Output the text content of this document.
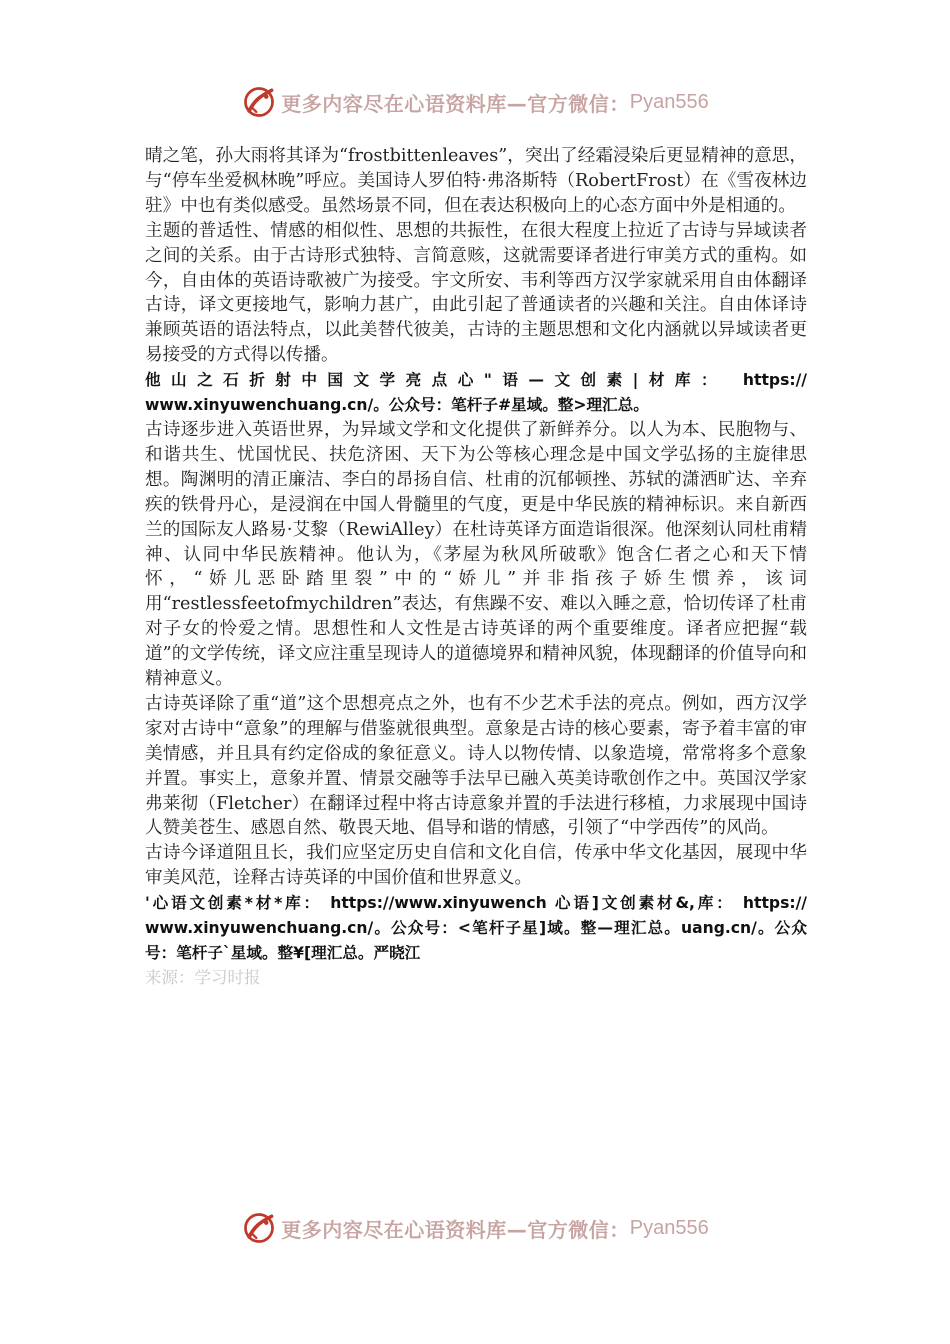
更多内容尽在心语资料库—官方微信： Pyan556

晴之笔，孙大雨将其译为“frostbittenleaves”，突出了经霜浸染后更显精神的意思，与“停车坐爱枫林晚”呼应。美国诗人罗伯特·弗洛斯特（RobertFrost）在《雪夜林边驻》中也有类似感受。虽然场景不同，但在表达积极向上的心态方面中外是相通的。

主题的普适性、情感的相似性、思想的共振性，在很大程度上拉近了古诗与异域读者之间的关系。由于古诗形式独特、言简意赅，这就需要译者进行审美方式的重构。如今，自由体的英语诗歌被广为接受。宇文所安、韦利等西方汉学家就采用自由体翻译古诗，译文更接地气，影响力甚广，由此引起了普通读者的兴趣和关注。自由体译诗兼顾英语的语法特点，以此美替代彼美，古诗的主题思想和文化内涵就以异域读者更易接受的方式得以传播。

他山之石折射中国文学亮点心"语—文创素|材库： https://

www.xinyuwenchuang.cn/。公众号：笔杆子#星域。整>理汇总。

古诗逐步进入英语世界，为异域文学和文化提供了新鲜养分。以人为本、民胞物与、和谐共生、忧国忧民、扶危济困、天下为公等核心理念是中国文学弘扬的主旋律思想。陶渊明的清正廉洁、李白的昂扬自信、杜甫的沉郁顿挫、苏轼的潇洒旷达、辛弃疾的铁骨丹心，是浸润在中国人骨髓里的气度，更是中华民族的精神标识。来自新西兰的国际友人路易·艾黎（RewiAlley）在杜诗英译方面造诣很深。他深刻认同杜甫精神、认同中华民族精神。他认为，《茅屋为秋风所破歌》饱含仁者之心和天下情怀，“娇儿恶卧踏里裂”中的“娇儿”并非指孩子娇生惯养，该词用“restlessfeetofmychildren”表达，有焦躁不安、难以入睡之意，恰切传译了杜甫对子女的怜爱之情。思想性和人文性是古诗英译的两个重要维度。译者应把握“载道”的文学传统，译文应注重呈现诗人的道德境界和精神风貌，体现翻译的价值导向和精神意义。

古诗英译除了重“道”这个思想亮点之外，也有不少艺术手法的亮点。例如，西方汉学家对古诗中“意象”的理解与借鉴就很典型。意象是古诗的核心要素，寄予着丰富的审美情感，并且具有约定俗成的象征意义。诗人以物传情、以象造境，常常将多个意象并置。事实上，意象并置、情景交融等手法早已融入英美诗歌创作之中。英国汉学家弗莱彻（Fletcher）在翻译过程中将古诗意象并置的手法进行移植，力求展现中国诗人赞美苍生、感恩自然、敬畏天地、倡导和谐的情感，引领了“中学西传”的风尚。

古诗今译道阻且长，我们应坚定历史自信和文化自信，传承中华文化基因，展现中华审美风范，诠释古诗英译的中国价值和世界意义。

'心语文创素*材*库： https://www.xinyuwench 心语]文创素材&,库： https://

www.xinyuwenchuang.cn/。公众号：<笔杆子星]域。整—理汇总。uang.cn/。公众号：笔杆子`星域。整¥[理汇总。严晓江

来源：学习时报

更多内容尽在心语资料库—官方微信： Pyan556
